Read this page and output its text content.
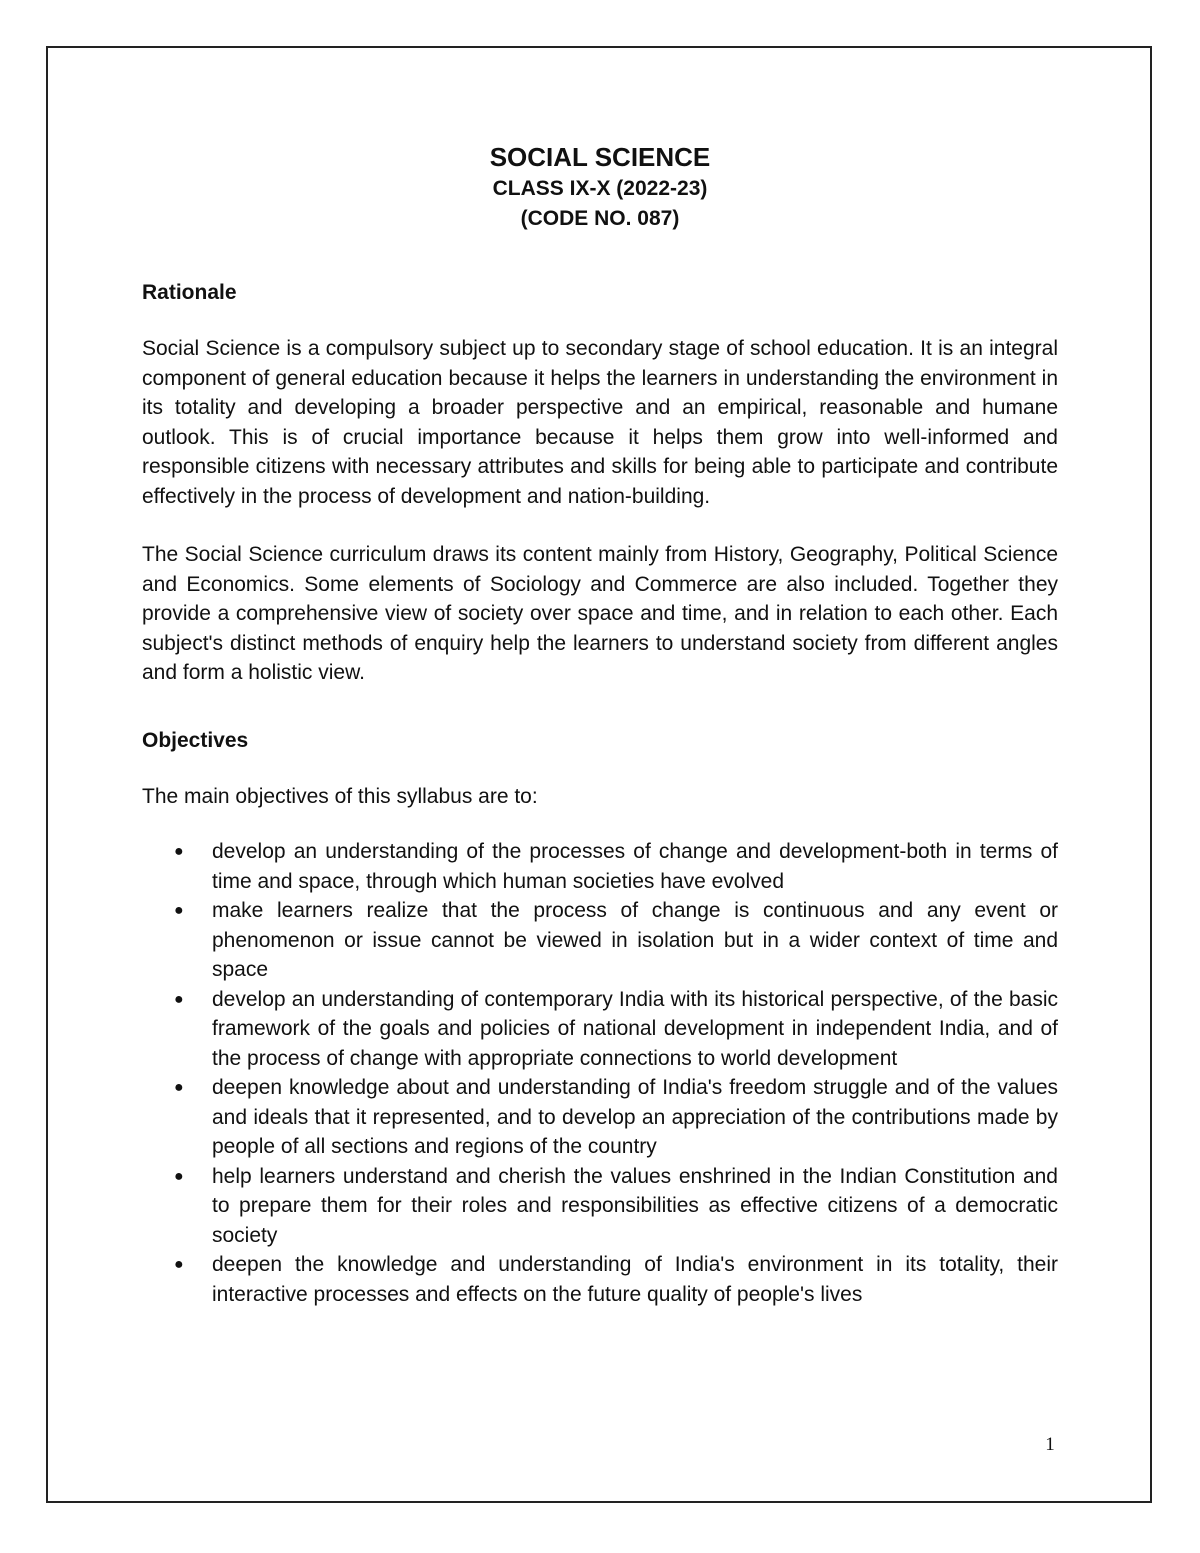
SOCIAL SCIENCE

CLASS IX-X (2022-23)

(CODE NO. 087)

Rationale

Social Science is a compulsory subject up to secondary stage of school education. It is an integral component of general education because it helps the learners in understanding the environment in its totality and developing a broader perspective and an empirical, reasonable and humane outlook. This is of crucial importance because it helps them grow into well-informed and responsible citizens with necessary attributes and skills for being able to participate and contribute effectively in the process of development and nation-building.

The Social Science curriculum draws its content mainly from History, Geography, Political Science and Economics. Some elements of Sociology and Commerce are also included. Together they provide a comprehensive view of society over space and time, and in relation to each other. Each subject's distinct methods of enquiry help the learners to understand society from different angles and form a holistic view.

Objectives

The main objectives of this syllabus are to:

● develop an understanding of the processes of change and development-both in terms of time and space, through which human societies have evolved
● make learners realize that the process of change is continuous and any event or phenomenon or issue cannot be viewed in isolation but in a wider context of time and space
● develop an understanding of contemporary India with its historical perspective, of the basic framework of the goals and policies of national development in independent India, and of the process of change with appropriate connections to world development
● deepen knowledge about and understanding of India's freedom struggle and of the values and ideals that it represented, and to develop an appreciation of the contributions made by people of all sections and regions of the country
● help learners understand and cherish the values enshrined in the Indian Constitution and to prepare them for their roles and responsibilities as effective citizens of a democratic society
● deepen the knowledge and understanding of India's environment in its totality, their interactive processes and effects on the future quality of people's lives
1
